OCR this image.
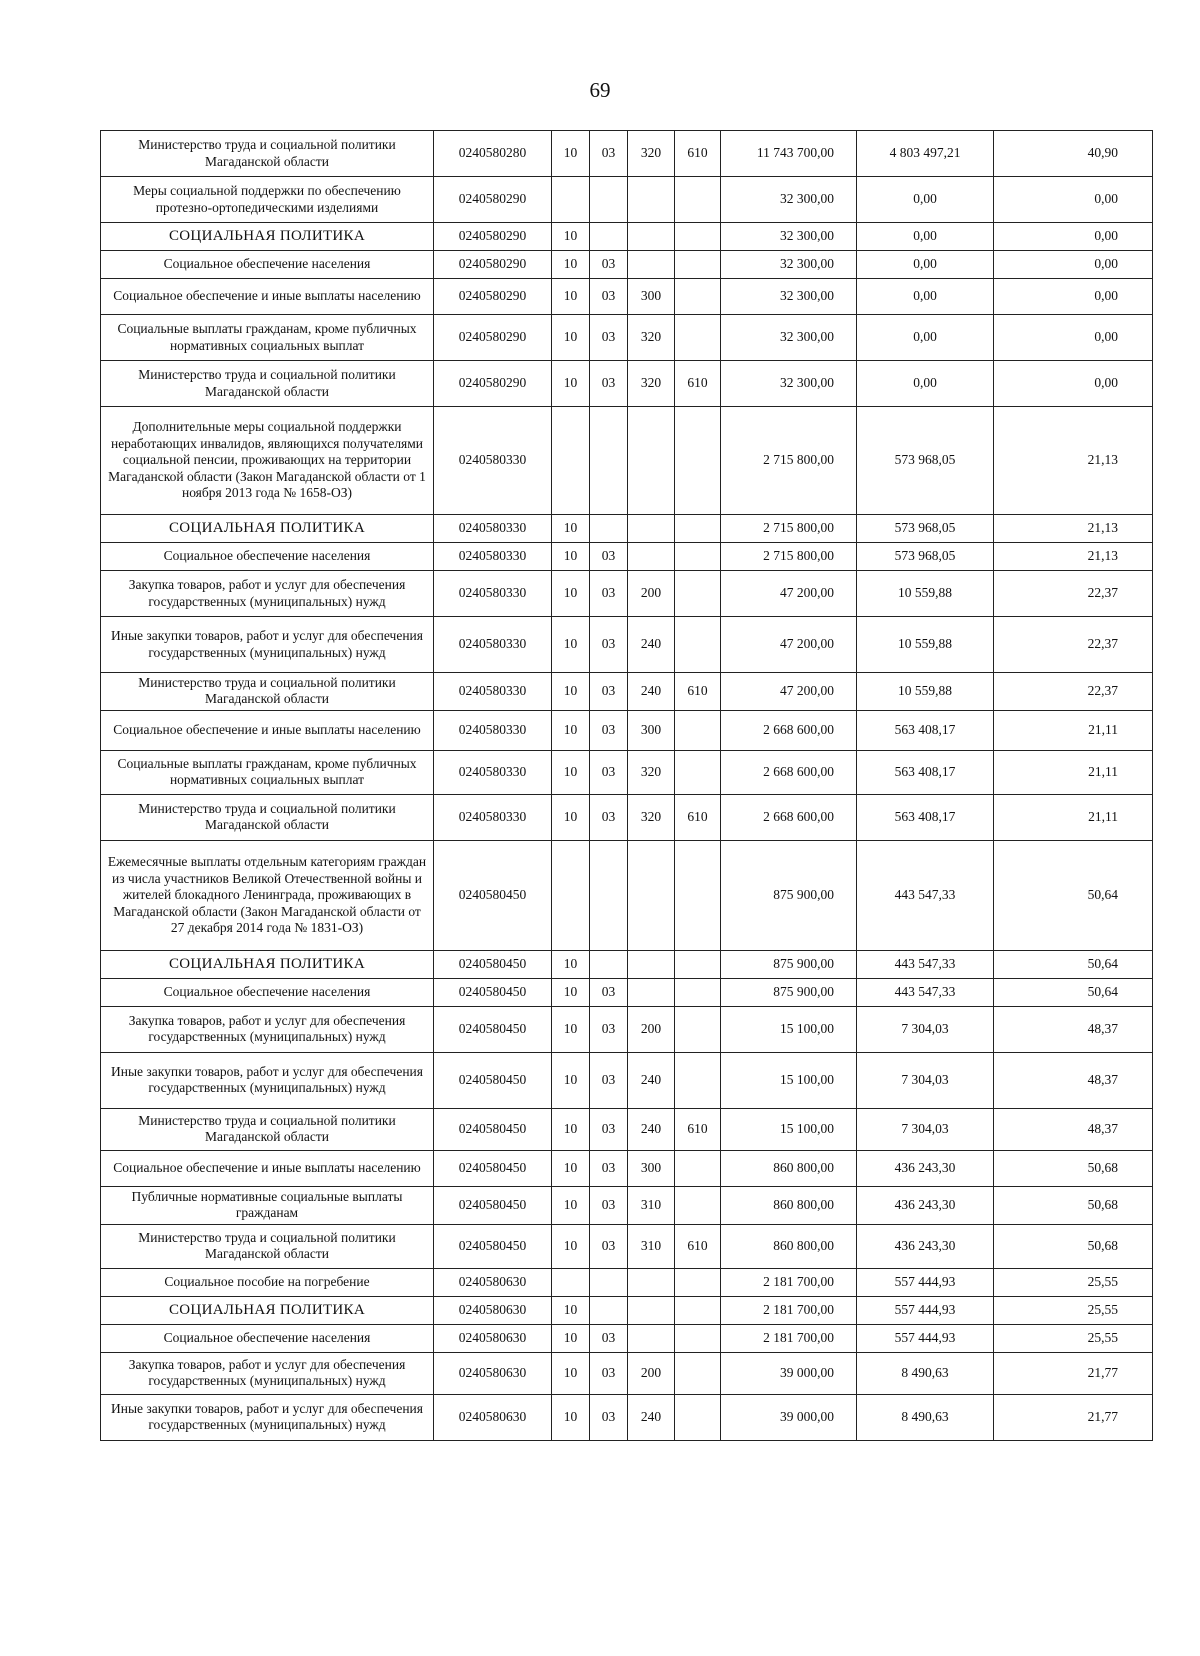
69
Министерство труда и социальной политики Магаданской области	0240580280	10	03	320	610	11 743 700,00	4 803 497,21	40,90
Меры социальной поддержки по обеспечению протезно-ортопедическими изделиями	0240580290					32 300,00	0,00	0,00
СОЦИАЛЬНАЯ ПОЛИТИКА	0240580290	10				32 300,00	0,00	0,00
Социальное обеспечение населения	0240580290	10	03			32 300,00	0,00	0,00
Социальное обеспечение и иные выплаты населению	0240580290	10	03	300		32 300,00	0,00	0,00
Социальные выплаты гражданам, кроме публичных нормативных социальных выплат	0240580290	10	03	320		32 300,00	0,00	0,00
Министерство труда и социальной политики Магаданской области	0240580290	10	03	320	610	32 300,00	0,00	0,00
Дополнительные меры социальной поддержки неработающих инвалидов, являющихся получателями социальной пенсии, проживающих на территории Магаданской области (Закон Магаданской области от 1 ноября 2013 года № 1658-ОЗ)	0240580330					2 715 800,00	573 968,05	21,13
СОЦИАЛЬНАЯ ПОЛИТИКА	0240580330	10				2 715 800,00	573 968,05	21,13
Социальное обеспечение населения	0240580330	10	03			2 715 800,00	573 968,05	21,13
Закупка товаров, работ и услуг для обеспечения государственных (муниципальных) нужд	0240580330	10	03	200		47 200,00	10 559,88	22,37
Иные закупки товаров, работ и услуг для обеспечения государственных (муниципальных) нужд	0240580330	10	03	240		47 200,00	10 559,88	22,37
Министерство труда и социальной политики Магаданской области	0240580330	10	03	240	610	47 200,00	10 559,88	22,37
Социальное обеспечение и иные выплаты населению	0240580330	10	03	300		2 668 600,00	563 408,17	21,11
Социальные выплаты гражданам, кроме публичных нормативных социальных выплат	0240580330	10	03	320		2 668 600,00	563 408,17	21,11
Министерство труда и социальной политики Магаданской области	0240580330	10	03	320	610	2 668 600,00	563 408,17	21,11
Ежемесячные выплаты отдельным категориям граждан из числа участников Великой Отечественной войны и жителей блокадного Ленинграда, проживающих в Магаданской области (Закон Магаданской области от 27 декабря 2014 года № 1831-ОЗ)	0240580450					875 900,00	443 547,33	50,64
СОЦИАЛЬНАЯ ПОЛИТИКА	0240580450	10				875 900,00	443 547,33	50,64
Социальное обеспечение населения	0240580450	10	03			875 900,00	443 547,33	50,64
Закупка товаров, работ и услуг для обеспечения государственных (муниципальных) нужд	0240580450	10	03	200		15 100,00	7 304,03	48,37
Иные закупки товаров, работ и услуг для обеспечения государственных (муниципальных) нужд	0240580450	10	03	240		15 100,00	7 304,03	48,37
Министерство труда и социальной политики Магаданской области	0240580450	10	03	240	610	15 100,00	7 304,03	48,37
Социальное обеспечение и иные выплаты населению	0240580450	10	03	300		860 800,00	436 243,30	50,68
Публичные нормативные социальные выплаты гражданам	0240580450	10	03	310		860 800,00	436 243,30	50,68
Министерство труда и социальной политики Магаданской области	0240580450	10	03	310	610	860 800,00	436 243,30	50,68
Социальное пособие на погребение	0240580630					2 181 700,00	557 444,93	25,55
СОЦИАЛЬНАЯ ПОЛИТИКА	0240580630	10				2 181 700,00	557 444,93	25,55
Социальное обеспечение населения	0240580630	10	03			2 181 700,00	557 444,93	25,55
Закупка товаров, работ и услуг для обеспечения государственных (муниципальных) нужд	0240580630	10	03	200		39 000,00	8 490,63	21,77
Иные закупки товаров, работ и услуг для обеспечения государственных (муниципальных) нужд	0240580630	10	03	240		39 000,00	8 490,63	21,77
